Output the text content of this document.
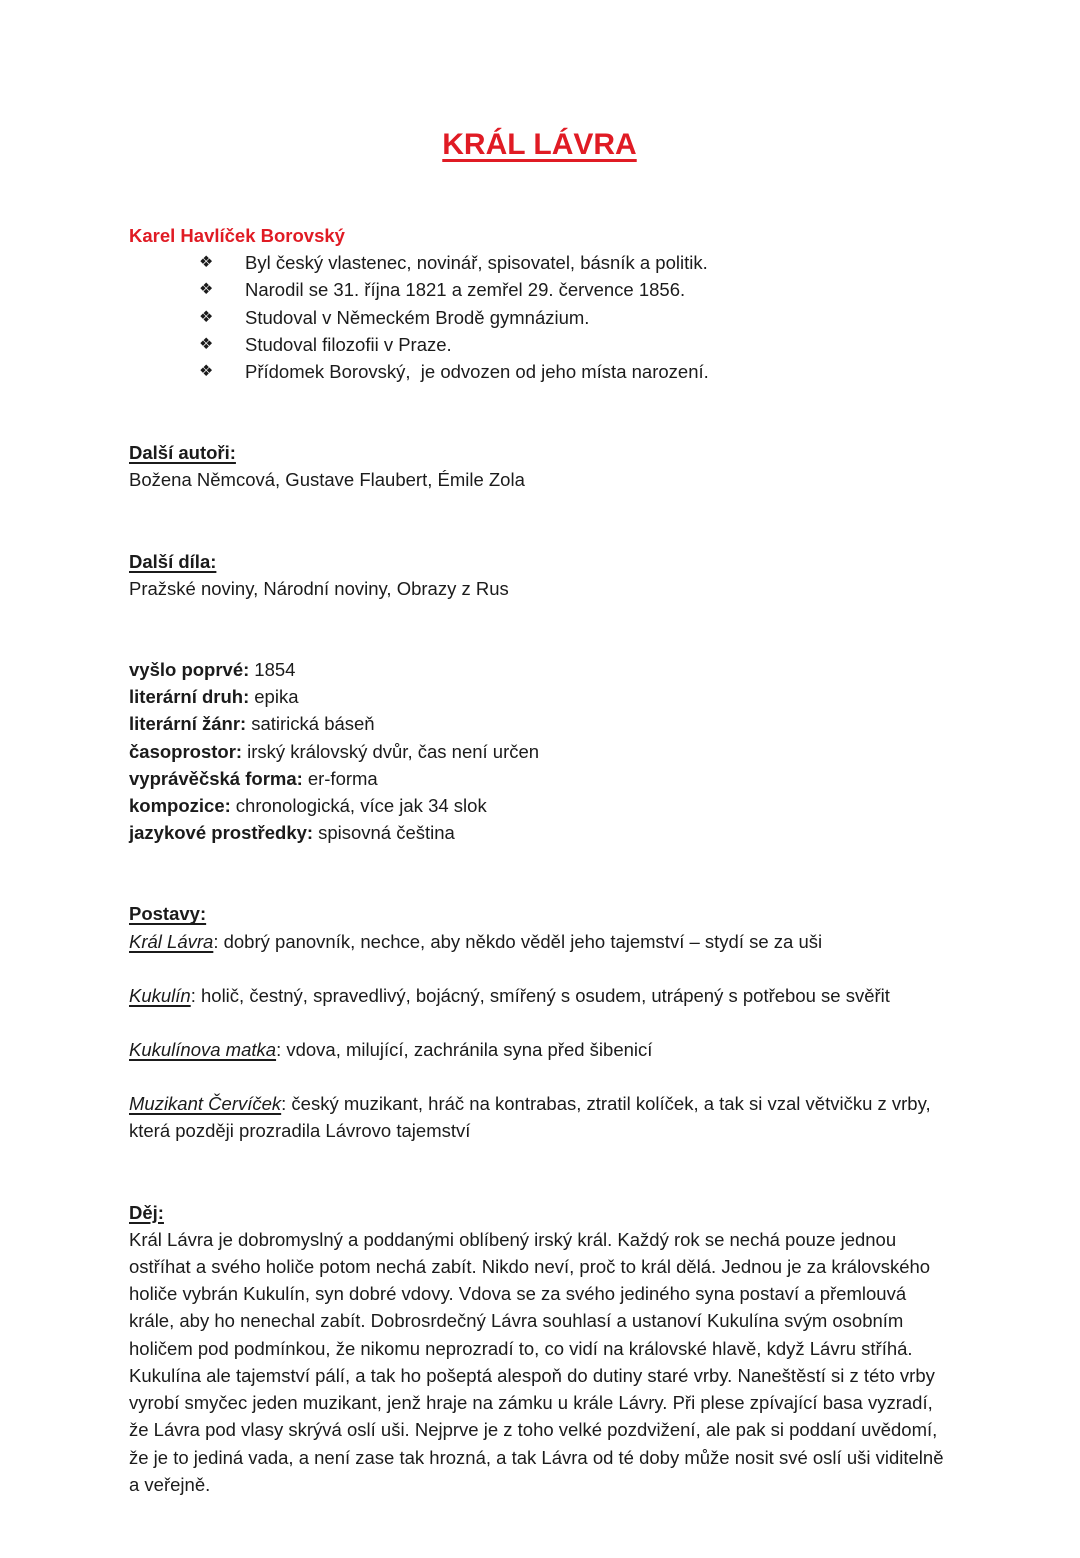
KRÁL LÁVRA

Karel Havlíček Borovský

❖	Byl český vlastenec, novinář, spisovatel, básník a politik.
❖	Narodil se 31. října 1821 a zemřel 29. července 1856.
❖	Studoval v Německém Brodě gymnázium.
❖	Studoval filozofii v Praze.
❖	Přídomek Borovský,  je odvozen od jeho místa narození.

Další autoři:

Božena Němcová, Gustave Flaubert, Émile Zola

Další díla:

Pražské noviny, Národní noviny, Obrazy z Rus

vyšlo poprvé: 1854

literární druh: epika

literární žánr: satirická báseň

časoprostor: irský královský dvůr, čas není určen

vyprávěčská forma: er-forma

kompozice: chronologická, více jak 34 slok

jazykové prostředky: spisovná čeština

Postavy:

Král Lávra: dobrý panovník, nechce, aby někdo věděl jeho tajemství – stydí se za uši

Kukulín: holič, čestný, spravedlivý, bojácný, smířený s osudem, utrápený s potřebou se svěřit

Kukulínova matka: vdova, milující, zachránila syna před šibenicí

Muzikant Červíček: český muzikant, hráč na kontrabas, ztratil kolíček, a tak si vzal větvičku z vrby, která později prozradila Lávrovo tajemství

Děj:

Král Lávra je dobromyslný a poddanými oblíbený irský král. Každý rok se nechá pouze jednou ostříhat a svého holiče potom nechá zabít. Nikdo neví, proč to král dělá. Jednou je za královského holiče vybrán Kukulín, syn dobré vdovy. Vdova se za svého jediného syna postaví a přemlouvá krále, aby ho nenechal zabít. Dobrosrdečný Lávra souhlasí a ustanoví Kukulína svým osobním holičem pod podmínkou, že nikomu neprozradí to, co vidí na královské hlavě, když Lávru stříhá. Kukulína ale tajemství pálí, a tak ho pošeptá alespoň do dutiny staré vrby. Naneštěstí si z této vrby vyrobí smyčec jeden muzikant, jenž hraje na zámku u krále Lávry. Při plese zpívající basa vyzradí, že Lávra pod vlasy skrývá oslí uši. Nejprve je z toho velké pozdvižení, ale pak si poddaní uvědomí, že je to jediná vada, a není zase tak hrozná, a tak Lávra od té doby může nosit své oslí uši viditelně a veřejně.
